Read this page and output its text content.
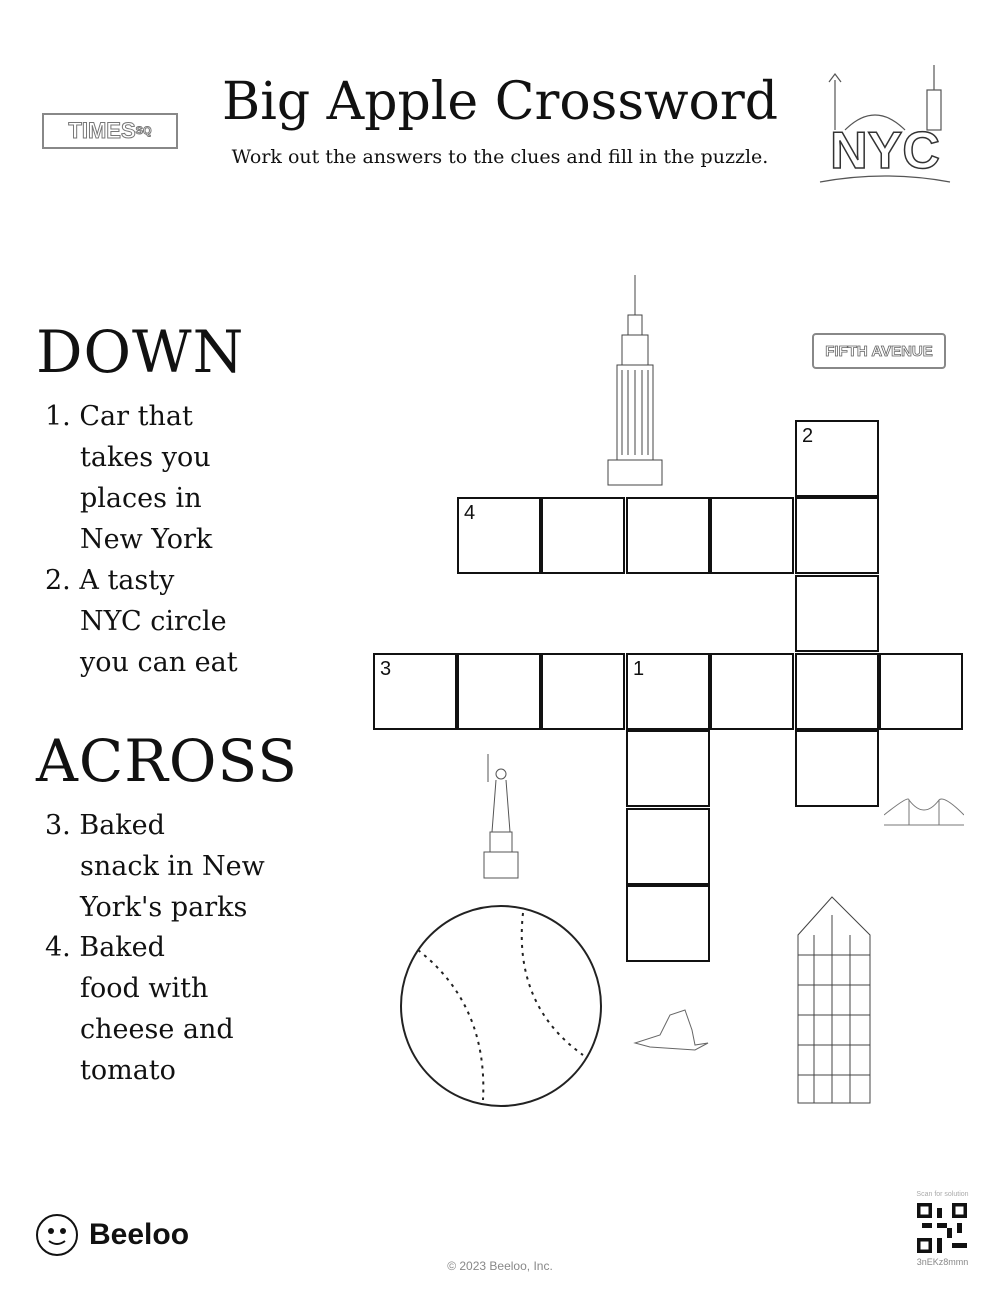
TIMES SQ	Big Apple Crossword
Work out the answers to the clues and fill in the puzzle.	NYC
FIFTH AVENUE
DOWN
1. Car that
takes you
places in
New York
2. A tasty
NYC circle
you can eat
ACROSS
3. Baked
snack in New
York's parks
4. Baked
food with
cheese and
tomato
2
4
3	1
Beeloo
© 2023 Beeloo, Inc.
Scan for solution
3nEKz8mmn
